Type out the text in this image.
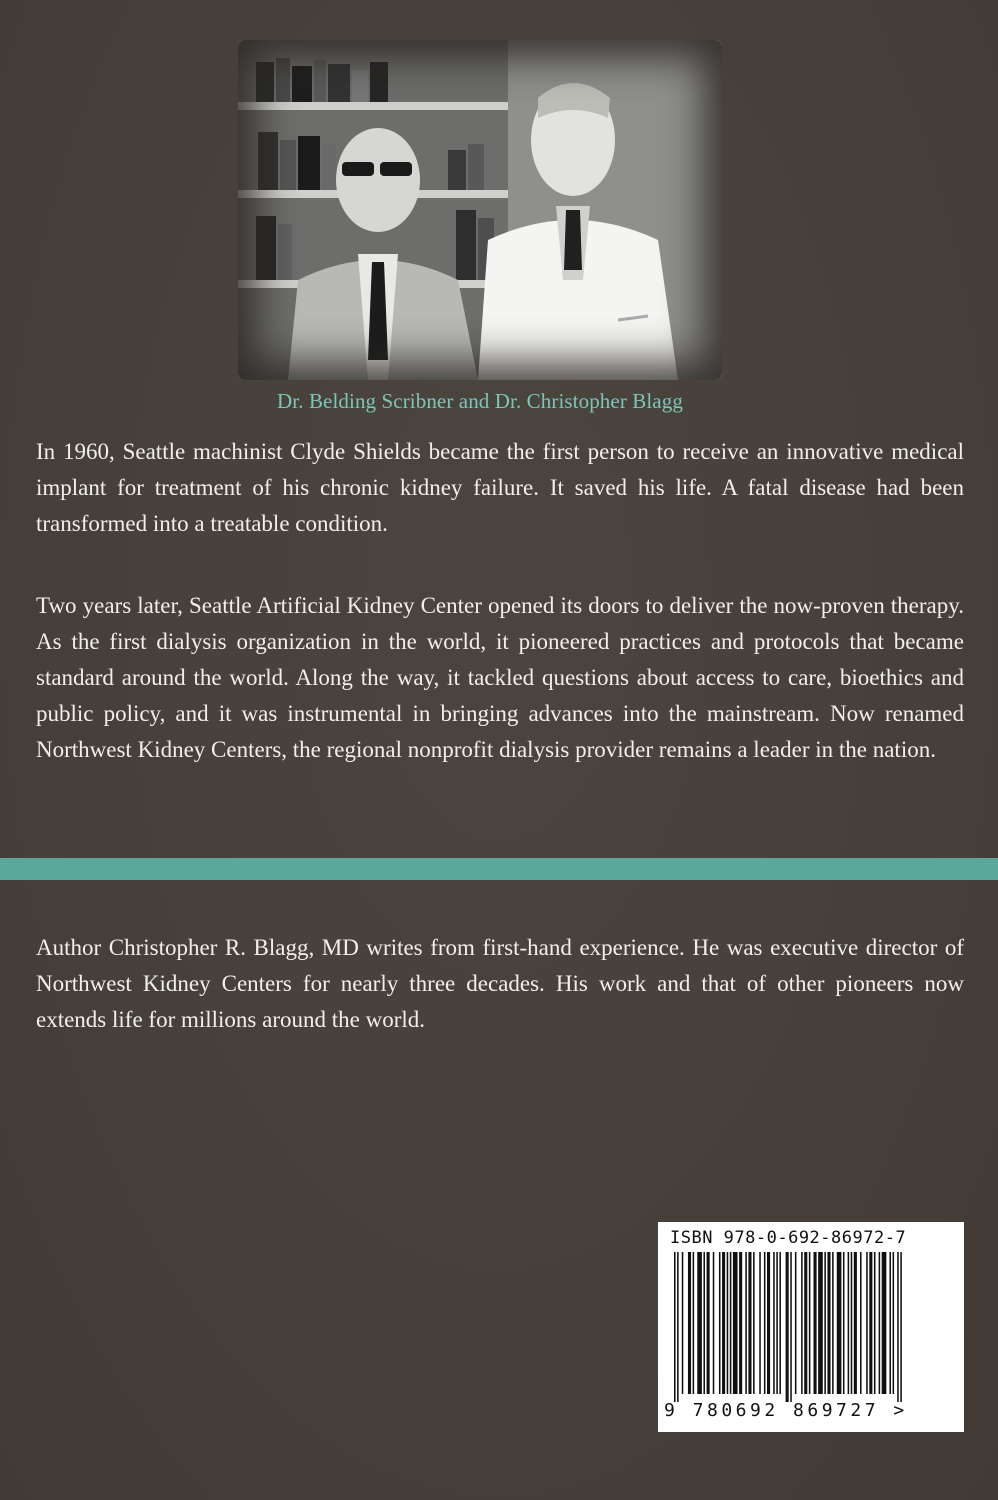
Dr. Belding Scribner and Dr. Christopher Blagg

In 1960, Seattle machinist Clyde Shields became the first person to receive an innovative medical implant for treatment of his chronic kidney failure. It saved his life. A fatal disease had been transformed into a treatable condition.

Two years later, Seattle Artificial Kidney Center opened its doors to deliver the now-proven therapy. As the first dialysis organization in the world, it pioneered practices and protocols that became standard around the world. Along the way, it tackled questions about access to care, bioethics and public policy, and it was instrumental in bringing advances into the mainstream. Now renamed Northwest Kidney Centers, the regional nonprofit dialysis provider remains a leader in the nation.

Author Christopher R. Blagg, MD writes from first-hand experience. He was executive director of Northwest Kidney Centers for nearly three decades. His work and that of other pioneers now extends life for millions around the world.

ISBN 978-0-692-86972-7
9 780692 869727 >
